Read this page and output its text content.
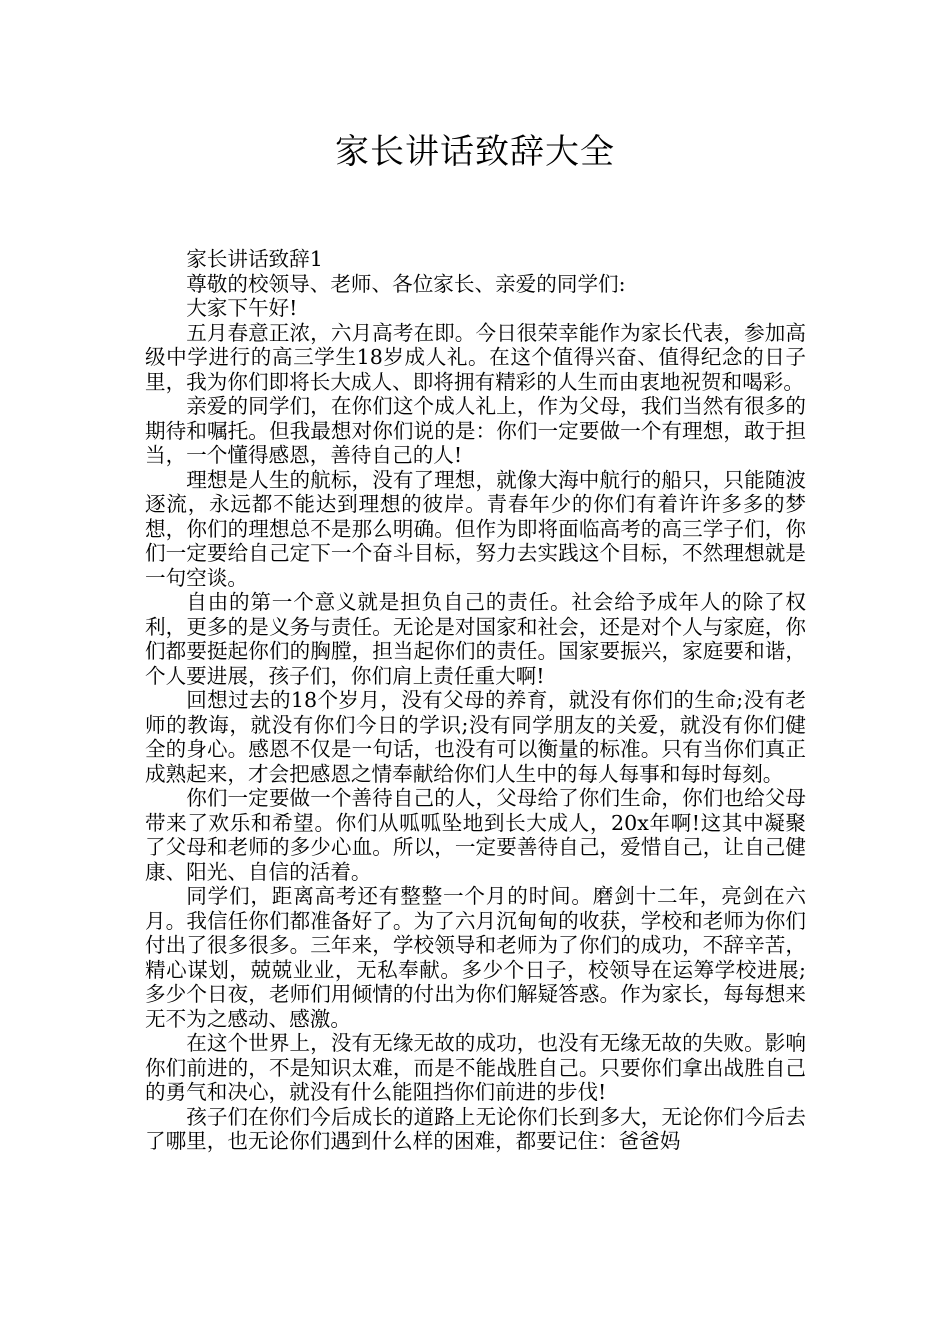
家长讲话致辞大全

家长讲话致辞1

尊敬的校领导、老师、各位家长、亲爱的同学们:

大家下午好!

五月春意正浓，六月高考在即。今日很荣幸能作为家长代表，参加高级中学进行的高三学生18岁成人礼。在这个值得兴奋、值得纪念的日子里，我为你们即将长大成人、即将拥有精彩的人生而由衷地祝贺和喝彩。

亲爱的同学们，在你们这个成人礼上，作为父母，我们当然有很多的期待和嘱托。但我最想对你们说的是：你们一定要做一个有理想，敢于担当，一个懂得感恩，善待自己的人!

理想是人生的航标，没有了理想，就像大海中航行的船只，只能随波逐流，永远都不能达到理想的彼岸。青春年少的你们有着许许多多的梦想，你们的理想总不是那么明确。但作为即将面临高考的高三学子们，你们一定要给自己定下一个奋斗目标，努力去实践这个目标，不然理想就是一句空谈。

自由的第一个意义就是担负自己的责任。社会给予成年人的除了权利，更多的是义务与责任。无论是对国家和社会，还是对个人与家庭，你们都要挺起你们的胸膛，担当起你们的责任。国家要振兴，家庭要和谐，个人要进展，孩子们，你们肩上责任重大啊!

回想过去的18个岁月，没有父母的养育，就没有你们的生命;没有老师的教诲，就没有你们今日的学识;没有同学朋友的关爱，就没有你们健全的身心。感恩不仅是一句话，也没有可以衡量的标准。只有当你们真正成熟起来，才会把感恩之情奉献给你们人生中的每人每事和每时每刻。

你们一定要做一个善待自己的人，父母给了你们生命，你们也给父母带来了欢乐和希望。你们从呱呱坠地到长大成人，20x年啊!这其中凝聚了父母和老师的多少心血。所以，一定要善待自己，爱惜自己，让自己健康、阳光、自信的活着。

同学们，距离高考还有整整一个月的时间。磨剑十二年，亮剑在六月。我信任你们都准备好了。为了六月沉甸甸的收获，学校和老师为你们付出了很多很多。三年来，学校领导和老师为了你们的成功，不辞辛苦，精心谋划，兢兢业业，无私奉献。多少个日子，校领导在运筹学校进展;多少个日夜，老师们用倾情的付出为你们解疑答惑。作为家长，每每想来无不为之感动、感激。

在这个世界上，没有无缘无故的成功，也没有无缘无故的失败。影响你们前进的，不是知识太难，而是不能战胜自己。只要你们拿出战胜自己的勇气和决心，就没有什么能阻挡你们前进的步伐!

孩子们在你们今后成长的道路上无论你们长到多大，无论你们今后去了哪里，也无论你们遇到什么样的困难，都要记住：爸爸妈
